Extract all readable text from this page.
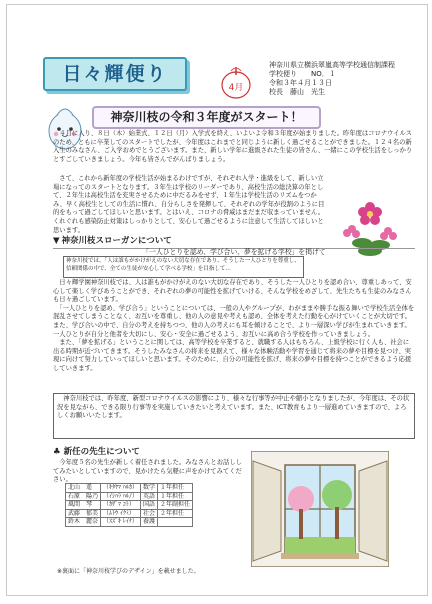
日々輝便り
4月
神奈川県立横浜翠嵐高等学校通信制課程
学校便り　　NO．１
令和３年４月１３日
校長　藤山　光生
神奈川枝の令和３年度がスタート！

　４月に入り、８日（木）始業式、１２日（月）入学式を終え、いよいよ令和３年度が始まりました。昨年度はコロナウイルスのため、ともに卒業してのスタートでしたが、今年度はこれまでと同じように新しく過ごせることができました。１２４名の新入生のみなさん、ご入学おめでとうございます。また、新しい学年に進級された生徒の皆さん、一緒にこの学校生活をしっかりとすごしていきましょう。今年も皆さんでがんばりましょう。

　さて、これから新年度の学校生活が始まるわけですが、それぞれ入学・進級をして、新しい立場になってのスタートとなります。３年生は学校のリーダーであり、高校生活の総決算の年として、２年生は高校生活を充実させるために中だるみをせず、１年生は学校生活のリズムをつかみ、早く高校生としての生活に慣れ、自分らしさを発揮して、それぞれの学年が役割のように目的をもって過ごしてほしいと思います。とはいえ、コロナの脅威はまだまだ収まっていません。くれぐれも感染防止対策はしっかりとして、安心して過ごせるように注意して生活してほしいと思います。

▼ 神奈川枝スローガンについて
「一人ひとりを認め、学び合い、夢を拡げる学校」を掲げて
神奈川枝では、「人は誰もがかけがえのない大切な存在であり、そうした一人ひとりを尊重し、信頼関係の中で、全ての生徒が安心して学べる学校」を目指して…

　日々輝学園神奈川枝では、人は誰もがかけがえのない大切な存在であり、そうした一人ひとりを認め合い、尊重しあって、安心して楽しく学びあうことができ、それぞれの夢の可能性を拡げていける、そんな学校をめざして、先生たちも生徒のみなさんも日々過ごしています。

　「一人ひとりを認め、学び合う」ということについては、一般の人やグループが、わがままや勝手な振る舞いで学校生活全体を混乱させてしまうことなく、お互いを尊重し、他の人の意見や考えも認め、全体を考えた行動を心がけていくことが大切です。また、学び合いの中で、自分の考えを持ちつつ、他の人の考えにも耳を傾けることで、より一層深い学びが生まれていきます。一人ひとりが自分と他者を大切にし、安心・安全に過ごせるよう、お互いに高め合う学校を作っていきましょう。

　また、「夢を拡げる」ということに関しては、高等学校を卒業すると、就職する人はもちろん、上級学校に行く人も、社会に出る時期が近づいてきます。そうしたみなさんの将来を見据えて、様々な体験活動や学習を通じて将来の夢や目標を見つけ、実現に向けて努力していってほしいと思います。そのために、自分の可能性を拡げ、将来の夢や目標を持つことができるよう応援していきます。

　神奈川枝では、昨年度、新型コロナウイルスの影響により、様々な行事等が中止や縮小となりましたが、今年度は、その状況を見ながら、できる限り行事等を実施していきたいと考えています。また、ICT教育もより一層進めていきますので、よろしくお願いいたします。

♣ 新任の先生について

　今年度５名の先生が新しく着任されました。みなさんとお話ししてみたいとしていますので、見かけたら気軽に声をかけてみてください。

北山　遥	（ｷﾀﾔﾏ ﾊﾙｶ）	数学	１年担任
石原　陽乃	（ｲｼﾊﾗ ﾊﾙﾉ）	英語	１年担任
風間　琴	（ｶｻﾞﾏ ｺﾄ）	国語	２年副担任
武藤　郁美	（ﾑﾄｳ ｲｸﾐ）	社会	２年担任
鈴木　麗奈	（ｽｽﾞｷ ﾚｲﾅ）	養護	
※裏面に「神奈川枝学びのデザイン」を載せました。
